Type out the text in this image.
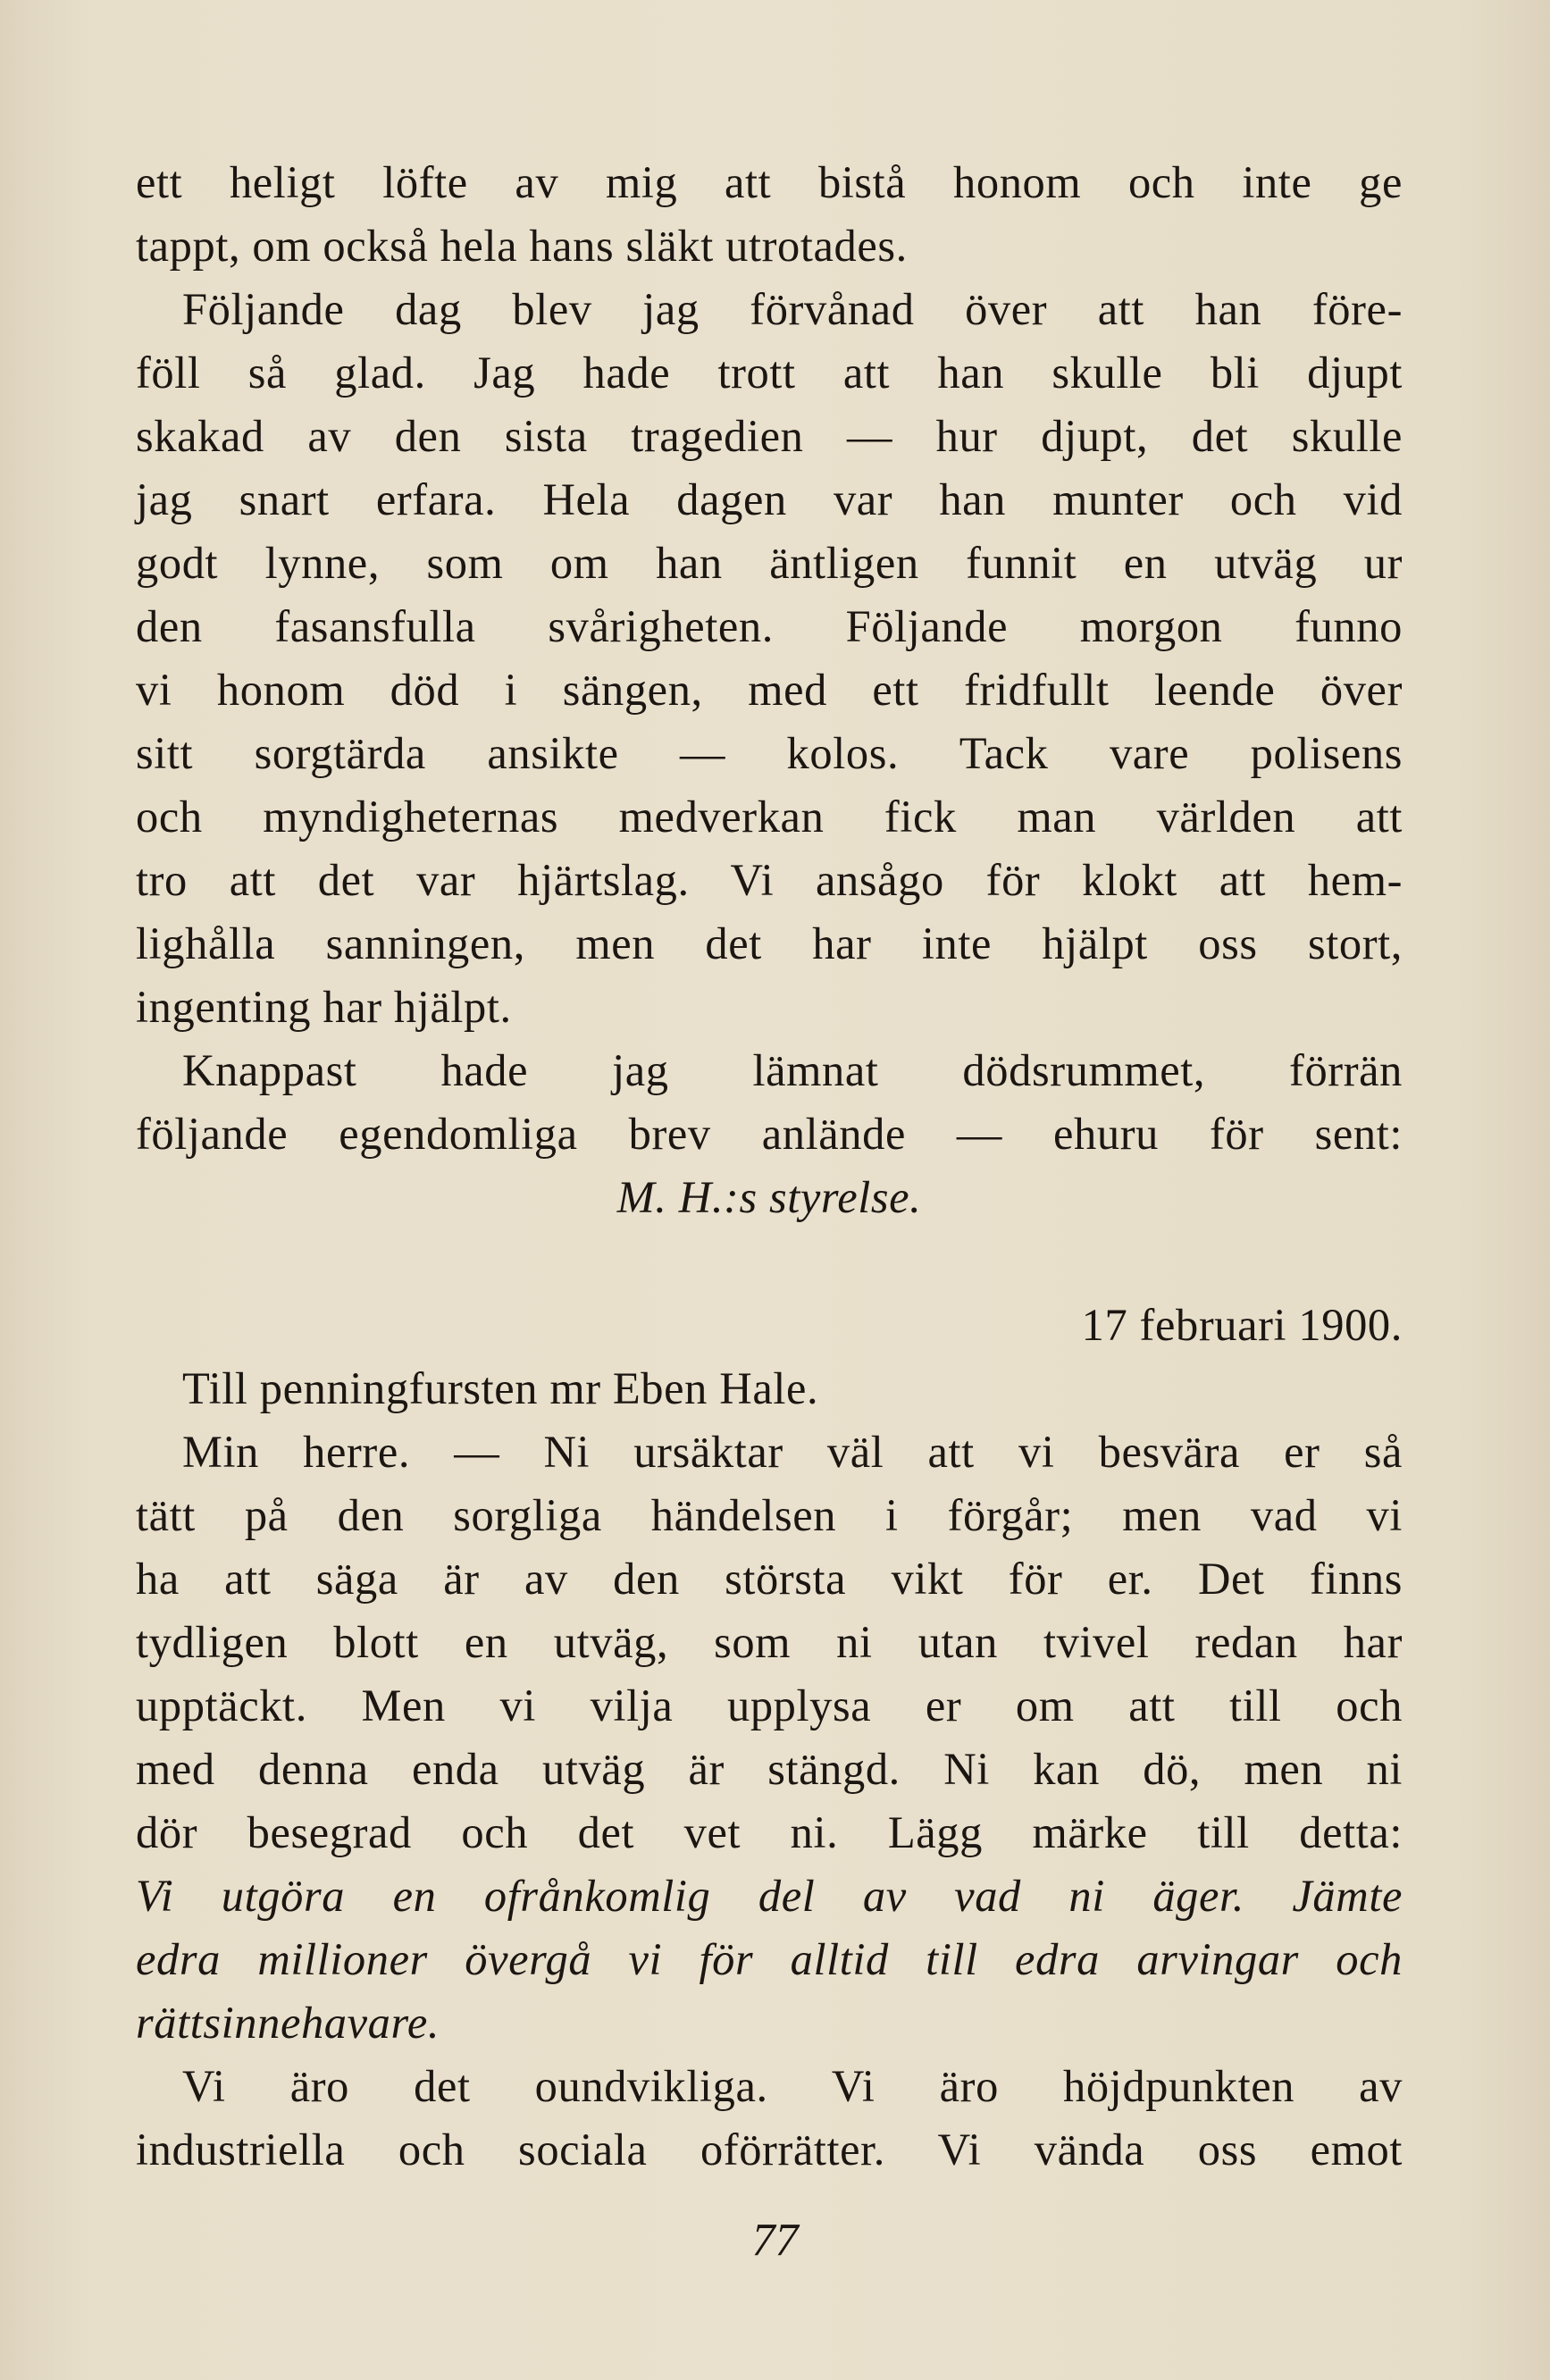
ett heligt löfte av mig att bistå honom och inte ge
tappt, om också hela hans släkt utrotades.
Följande dag blev jag förvånad över att han före-
föll så glad. Jag hade trott att han skulle bli djupt
skakad av den sista tragedien — hur djupt, det skulle
jag snart erfara. Hela dagen var han munter och vid
godt lynne, som om han äntligen funnit en utväg ur
den fasansfulla svårigheten. Följande morgon funno
vi honom död i sängen, med ett fridfullt leende över
sitt sorgtärda ansikte — kolos. Tack vare polisens
och myndigheternas medverkan fick man världen att
tro att det var hjärtslag. Vi ansågo för klokt att hem-
lighålla sanningen, men det har inte hjälpt oss stort,
ingenting har hjälpt.
Knappast hade jag lämnat dödsrummet, förrän
följande egendomliga brev anlände — ehuru för sent:
M. H.:s styrelse.
17 februari 1900.
Till penningfursten mr Eben Hale.
Min herre. — Ni ursäktar väl att vi besvära er så
tätt på den sorgliga händelsen i förgår; men vad vi
ha att säga är av den största vikt för er. Det finns
tydligen blott en utväg, som ni utan tvivel redan har
upptäckt. Men vi vilja upplysa er om att till och
med denna enda utväg är stängd. Ni kan dö, men ni
dör besegrad och det vet ni. Lägg märke till detta:
Vi utgöra en ofrånkomlig del av vad ni äger. Jämte
edra millioner övergå vi för alltid till edra arvingar och
rättsinnehavare.
Vi äro det oundvikliga. Vi äro höjdpunkten av
industriella och sociala oförrätter. Vi vända oss emot
77
